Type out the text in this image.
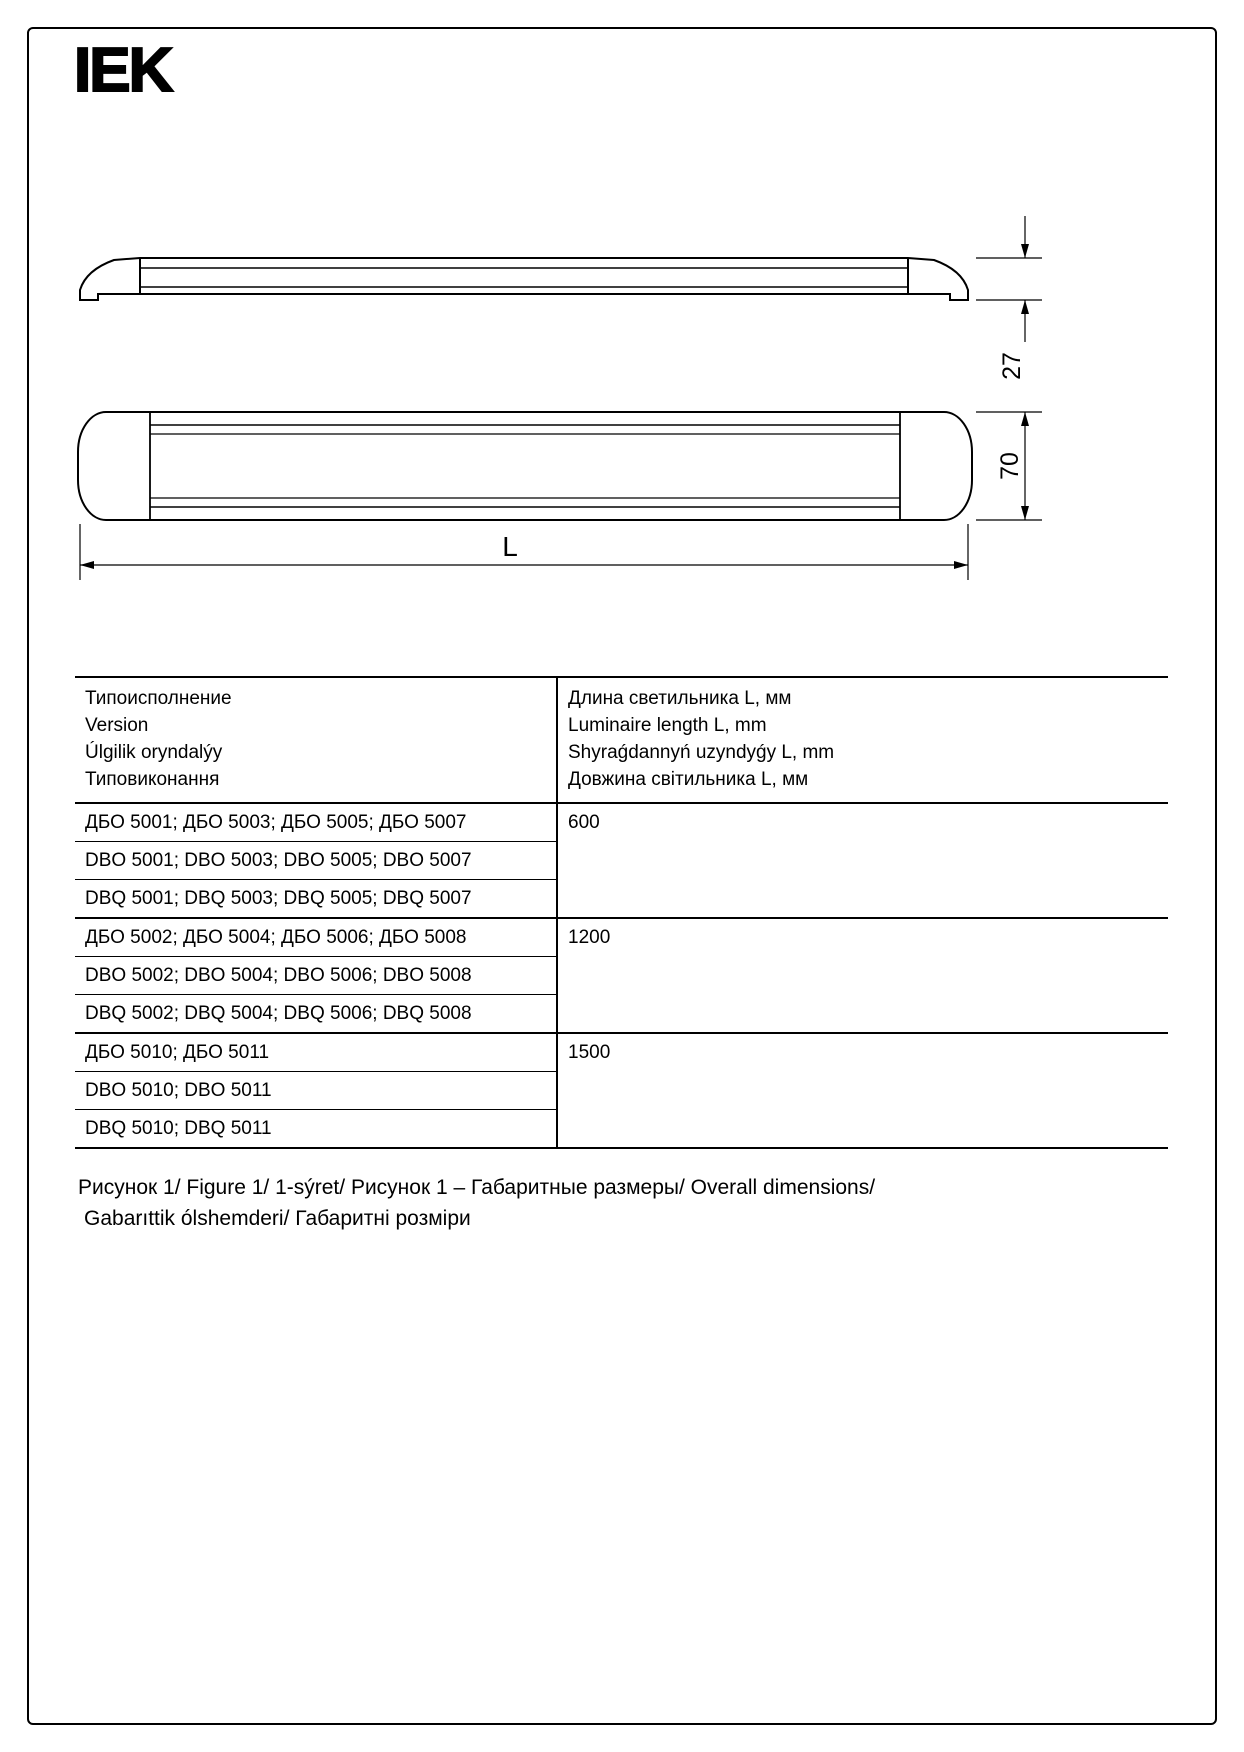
IEK
27
70
L
Типоисполнение
Version
Úlgilik oryndalýy
Типовиконання

Длина светильника L, мм
Luminaire length L, mm
Shyraǵdannyń uzyndyǵy L, mm
Довжина світильника L, мм

ДБО 5001; ДБО 5003; ДБО 5005; ДБО 5007	600
DBO 5001; DBO 5003; DBO 5005; DBO 5007	
DBQ 5001; DBQ 5003; DBQ 5005; DBQ 5007	
ДБО 5002; ДБО 5004; ДБО 5006; ДБО 5008	1200
DBO 5002; DBO 5004; DBO 5006; DBO 5008	
DBQ 5002; DBQ 5004; DBQ 5006; DBQ 5008	
ДБО 5010; ДБО 5011	1500
DBO 5010; DBO 5011	
DBQ 5010; DBQ 5011	
Рисунок 1/ Figure 1/ 1-sýret/ Рисунок 1 – Габаритные размеры/ Overall dimensions/
Gabarıttik ólshemderi/ Габаритні розміри
